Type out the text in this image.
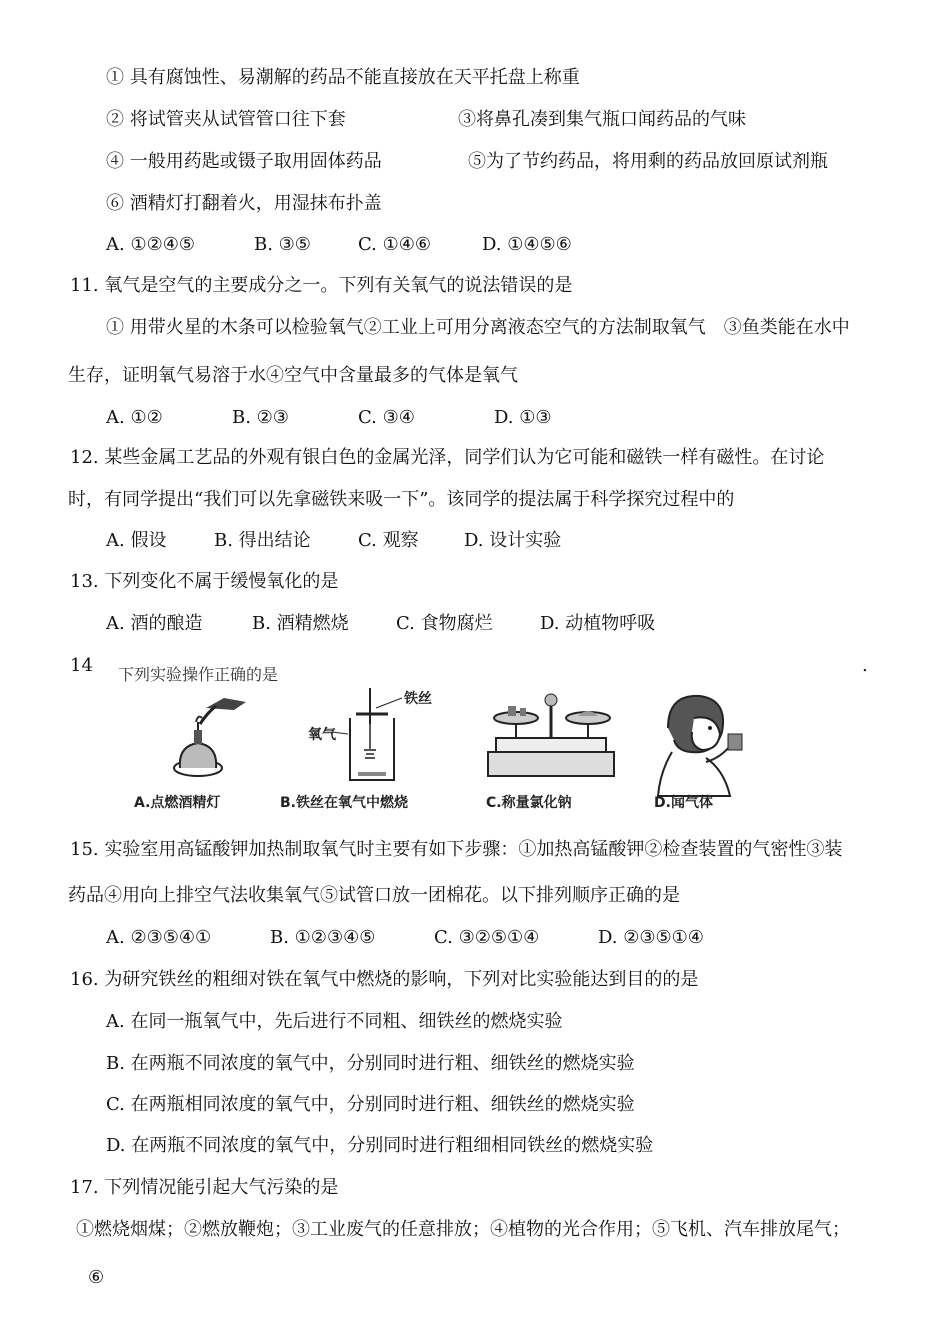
① 具有腐蚀性、易潮解的药品不能直接放在天平托盘上称重
② 将试管夹从试管管口往下套	③将鼻孔凑到集气瓶口闻药品的气味
④ 一般用药匙或镊子取用固体药品	⑤为了节约药品，将用剩的药品放回原试剂瓶
⑥ 酒精灯打翻着火，用湿抹布扑盖
A. ①②④⑤	B. ③⑤	C. ①④⑥	D. ①④⑤⑥
11. 氧气是空气的主要成分之一。下列有关氧气的说法错误的是
① 用带火星的木条可以检验氧气②工业上可用分离液态空气的方法制取氧气　③鱼类能在水中
生存，证明氧气易溶于水④空气中含量最多的气体是氧气
A. ①②	B. ②③	C. ③④	D. ①③
12. 某些金属工艺品的外观有银白色的金属光泽，同学们认为它可能和磁铁一样有磁性。在讨论
时，有同学提出“我们可以先拿磁铁来吸一下”。该同学的提法属于科学探究过程中的
A. 假设	B. 得出结论	C. 观察	D. 设计实验
13. 下列变化不属于缓慢氧化的是
A. 酒的酿造	B. 酒精燃烧	C. 食物腐烂	D. 动植物呼吸
14 下列实验操作正确的是	.
氧气
铁丝
A.点燃酒精灯	B.铁丝在氧气中燃烧	C.称量氯化钠	D.闻气体
15. 实验室用高锰酸钾加热制取氧气时主要有如下步骤：①加热高锰酸钾②检查装置的气密性③装
药品④用向上排空气法收集氧气⑤试管口放一团棉花。以下排列顺序正确的是
A. ②③⑤④①	B. ①②③④⑤	C. ③②⑤①④	D. ②③⑤①④
16. 为研究铁丝的粗细对铁在氧气中燃烧的影响，下列对比实验能达到目的的是
A. 在同一瓶氧气中，先后进行不同粗、细铁丝的燃烧实验
B. 在两瓶不同浓度的氧气中，分别同时进行粗、细铁丝的燃烧实验
C. 在两瓶相同浓度的氧气中，分别同时进行粗、细铁丝的燃烧实验
D. 在两瓶不同浓度的氧气中，分别同时进行粗细相同铁丝的燃烧实验
17. 下列情况能引起大气污染的是
①燃烧烟煤；②燃放鞭炮；③工业废气的任意排放；④植物的光合作用；⑤飞机、汽车排放尾气；
⑥
